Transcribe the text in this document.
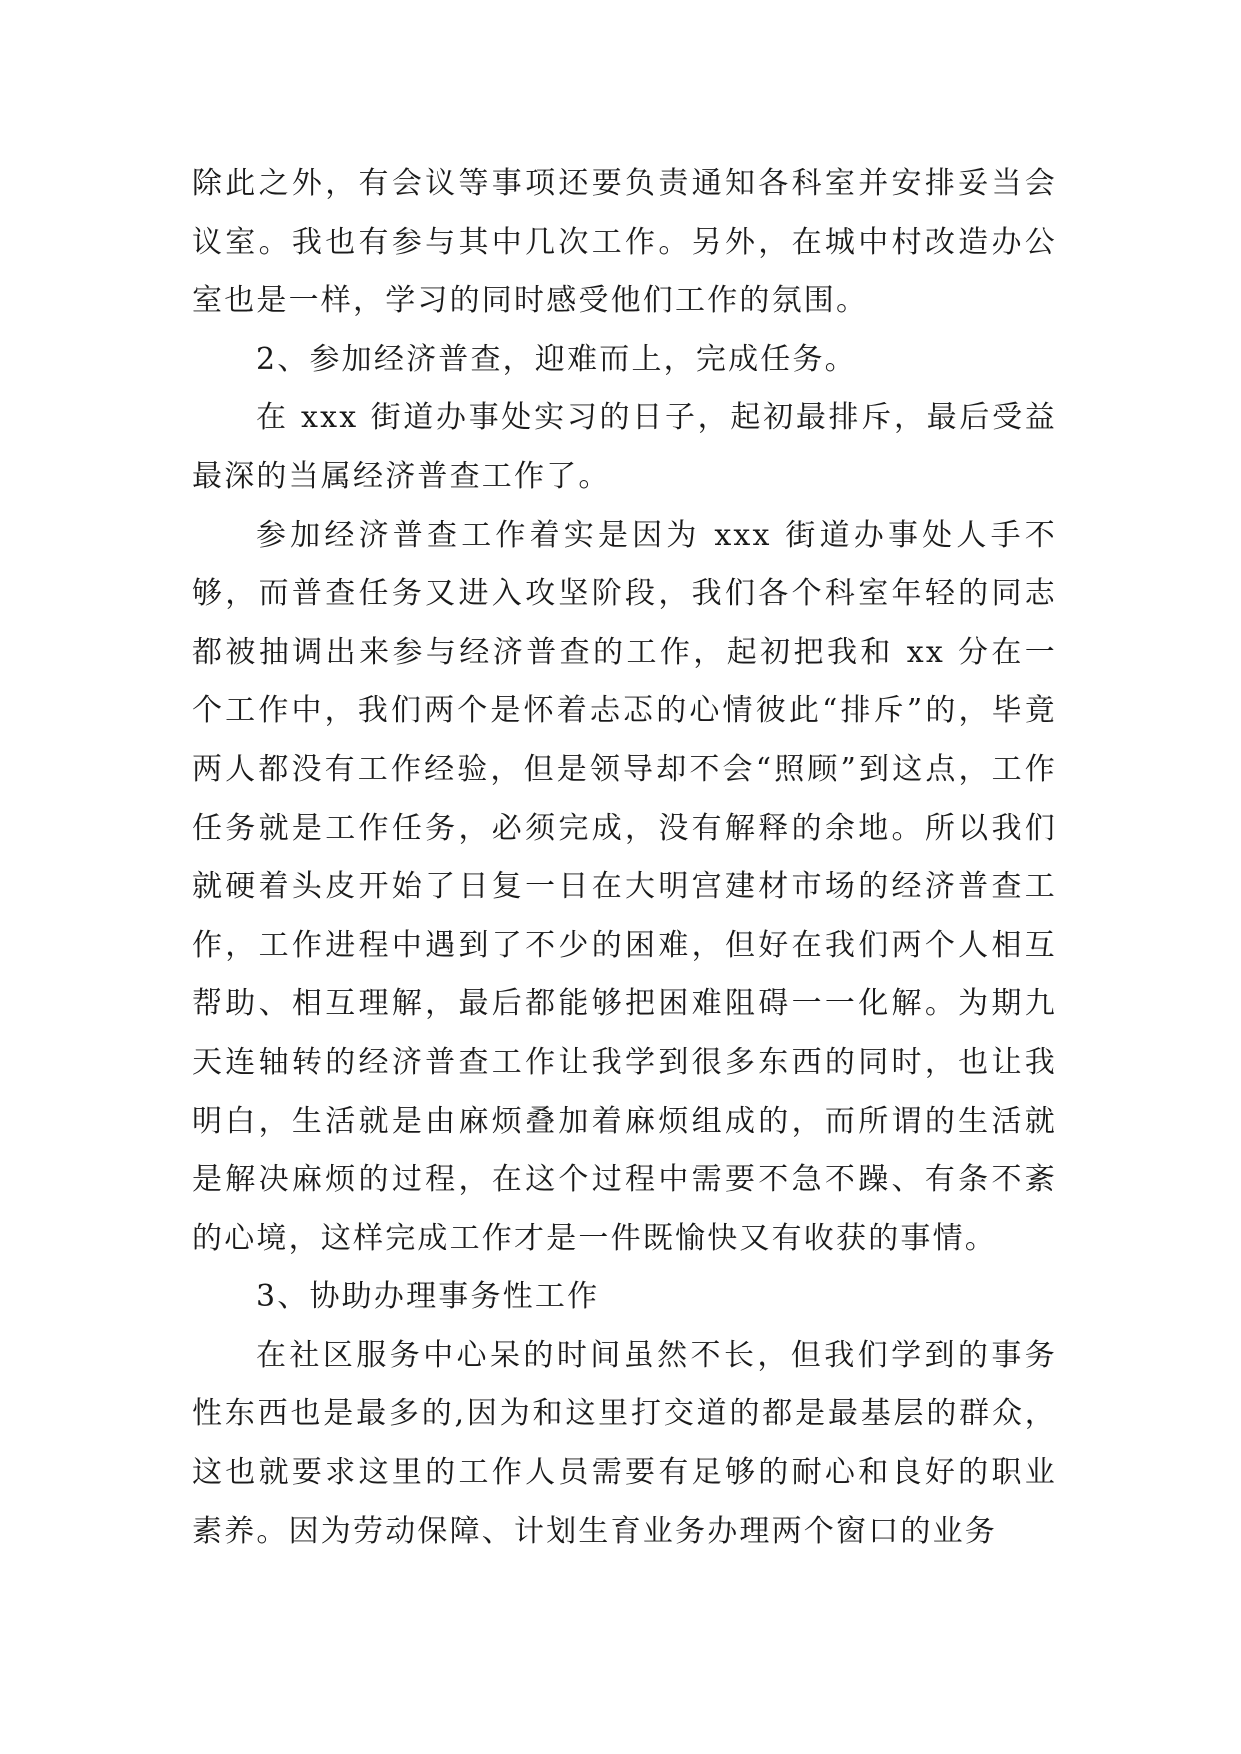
除此之外，有会议等事项还要负责通知各科室并安排妥当会议室。我也有参与其中几次工作。另外，在城中村改造办公室也是一样，学习的同时感受他们工作的氛围。

2、参加经济普查，迎难而上，完成任务。

在 xxx 街道办事处实习的日子，起初最排斥，最后受益最深的当属经济普查工作了。

参加经济普查工作着实是因为 xxx 街道办事处人手不够，而普查任务又进入攻坚阶段，我们各个科室年轻的同志都被抽调出来参与经济普查的工作，起初把我和 xx 分在一个工作中，我们两个是怀着忐忑的心情彼此“排斥”的，毕竟两人都没有工作经验，但是领导却不会“照顾”到这点，工作任务就是工作任务，必须完成，没有解释的余地。所以我们就硬着头皮开始了日复一日在大明宫建材市场的经济普查工作，工作进程中遇到了不少的困难，但好在我们两个人相互帮助、相互理解，最后都能够把困难阻碍一一化解。为期九天连轴转的经济普查工作让我学到很多东西的同时，也让我明白，生活就是由麻烦叠加着麻烦组成的，而所谓的生活就是解决麻烦的过程，在这个过程中需要不急不躁、有条不紊的心境，这样完成工作才是一件既愉快又有收获的事情。

3、协助办理事务性工作

在社区服务中心呆的时间虽然不长，但我们学到的事务性东西也是最多的,因为和这里打交道的都是最基层的群众，这也就要求这里的工作人员需要有足够的耐心和良好的职业素养。因为劳动保障、计划生育业务办理两个窗口的业务
